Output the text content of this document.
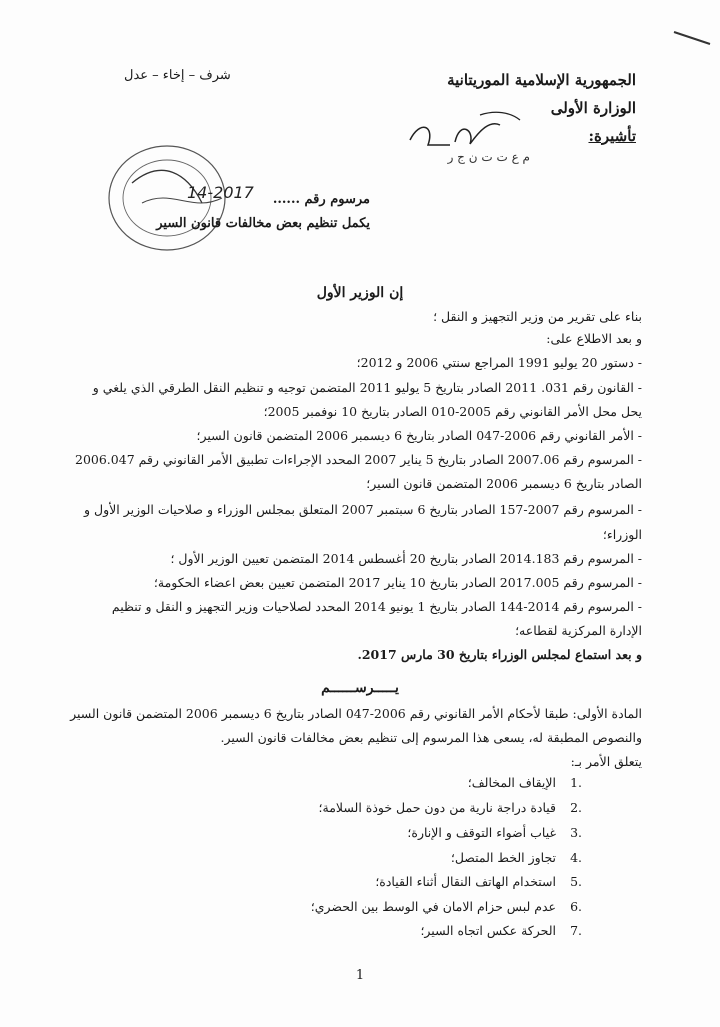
الجمهورية الإسلامية الموريتانية
الوزارة الأولى
تأشيرة:
شرف – إخاء – عدل
م ع ت ت ن ج ر
14-2017 مرسوم رقم ......
يكمل تنظيم بعض مخالفات قانون السير
إن الوزير الأول
بناء على تقرير من وزير التجهيز و النقل ؛
و بعد الاطلاع على:
- دستور 20 يوليو 1991 المراجع سنتي 2006 و 2012؛
- القانون رقم 031. 2011 الصادر بتاريخ 5 يوليو 2011 المتضمن توجيه و تنظيم النقل الطرقي الذي يلغي و
يحل محل الأمر القانوني رقم 2005-010 الصادر بتاريخ 10 نوفمبر 2005؛
- الأمر القانوني رقم 2006-047 الصادر بتاريخ 6 ديسمبر 2006 المتضمن قانون السير؛
- المرسوم رقم 2007.06 الصادر بتاريخ 5 يناير 2007 المحدد الإجراءات تطبيق الأمر القانوني رقم 2006.047
الصادر بتاريخ 6 ديسمبر 2006 المتضمن قانون السير؛
- المرسوم رقم 2007-157 الصادر بتاريخ 6 سبتمبر 2007 المتعلق بمجلس الوزراء و صلاحيات الوزير الأول و
الوزراء؛
- المرسوم رقم 2014.183 الصادر بتاريخ 20 أغسطس 2014 المتضمن تعيين الوزير الأول ؛
- المرسوم رقم 2017.005 الصادر بتاريخ 10 يناير 2017 المتضمن تعيين بعض اعضاء الحكومة؛
- المرسوم رقم 2014-144 الصادر بتاريخ 1 يونيو 2014 المحدد لصلاحيات وزير التجهيز و النقل و تنظيم
الإدارة المركزية لقطاعه؛
و بعد استماع لمجلس الوزراء بتاريخ 30 مارس 2017.
يـــــرســــــم
المادة الأولى: طبقا لأحكام الأمر القانوني رقم 2006-047 الصادر بتاريخ 6 ديسمبر 2006 المتضمن قانون السير
والنصوص المطبقة له، يسعى هذا المرسوم إلى تنظيم بعض مخالفات قانون السير.
يتعلق الأمر بـ:
.1 الإيقاف المخالف؛
.2 قيادة دراجة نارية من دون حمل خوذة السلامة؛
.3 غياب أضواء التوقف و الإنارة؛
.4 تجاوز الخط المتصل؛
.5 استخدام الهاتف النقال أثناء القيادة؛
.6 عدم لبس حزام الامان في الوسط بين الحضري؛
.7 الحركة عكس اتجاه السير؛
1
